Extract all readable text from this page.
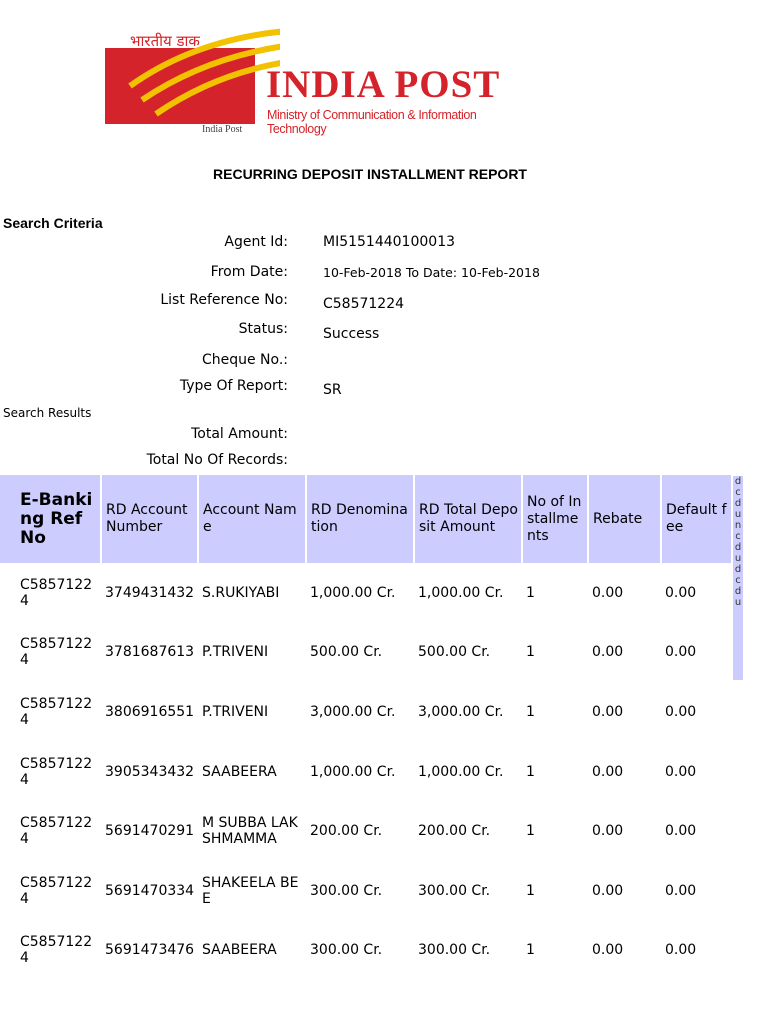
भारतीय डाक
INDIA POST
Ministry of Communication & Information Technology
India Post
RECURRING DEPOSIT INSTALLMENT REPORT
Search Criteria
Agent Id:	MI5151440100013
From Date:	10-Feb-2018 To Date: 10-Feb-2018
List Reference No:	C58571224
Status:	Success
Cheque No.:
Type Of Report:	SR
Search Results
Total Amount:
Total No Of Records:
E-Banking Ref No	RD Account Number	Account Name	RD Denomination	RD Total Deposit Amount	No of Installments	Rebate	Default fee
C58571224	3749431432	S.RUKIYABI	1,000.00 Cr.	1,000.00 Cr.	1	0.00	0.00
C58571224	3781687613	P.TRIVENI	500.00 Cr.	500.00 Cr.	1	0.00	0.00
C58571224	3806916551	P.TRIVENI	3,000.00 Cr.	3,000.00 Cr.	1	0.00	0.00
C58571224	3905343432	SAABEERA	1,000.00 Cr.	1,000.00 Cr.	1	0.00	0.00
C58571224	5691470291	M SUBBA LAKSHMAMMA	200.00 Cr.	200.00 Cr.	1	0.00	0.00
C58571224	5691470334	SHAKEELA BEE	300.00 Cr.	300.00 Cr.	1	0.00	0.00
C58571224	5691473476	SAABEERA	300.00 Cr.	300.00 Cr.	1	0.00	0.00
d c d u n c d u d c d u
